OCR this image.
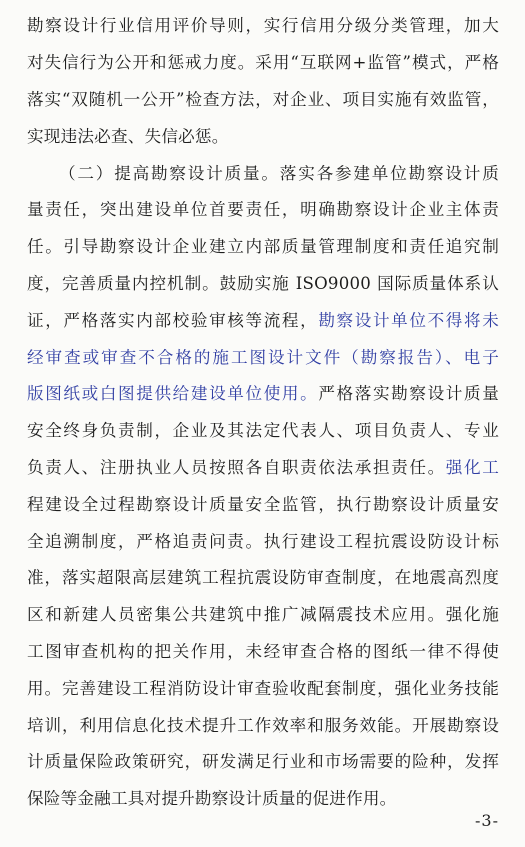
勘察设计行业信用评价导则，实行信用分级分类管理，加大
对失信行为公开和惩戒力度。采用“互联网+监管”模式，严格
落实“双随机一公开”检查方法，对企业、项目实施有效监管，
实现违法必查、失信必惩。
（二）提高勘察设计质量。落实各参建单位勘察设计质
量责任，突出建设单位首要责任，明确勘察设计企业主体责
任。引导勘察设计企业建立内部质量管理制度和责任追究制
度，完善质量内控机制。鼓励实施 ISO9000 国际质量体系认
证，严格落实内部校验审核等流程，勘察设计单位不得将未
经审查或审查不合格的施工图设计文件（勘察报告）、电子
版图纸或白图提供给建设单位使用。严格落实勘察设计质量
安全终身负责制，企业及其法定代表人、项目负责人、专业
负责人、注册执业人员按照各自职责依法承担责任。强化工
程建设全过程勘察设计质量安全监管，执行勘察设计质量安
全追溯制度，严格追责问责。执行建设工程抗震设防设计标
准，落实超限高层建筑工程抗震设防审查制度，在地震高烈度
区和新建人员密集公共建筑中推广减隔震技术应用。强化施
工图审查机构的把关作用，未经审查合格的图纸一律不得使
用。完善建设工程消防设计审查验收配套制度，强化业务技能
培训，利用信息化技术提升工作效率和服务效能。开展勘察设
计质量保险政策研究，研发满足行业和市场需要的险种，发挥
保险等金融工具对提升勘察设计质量的促进作用。
-3-
